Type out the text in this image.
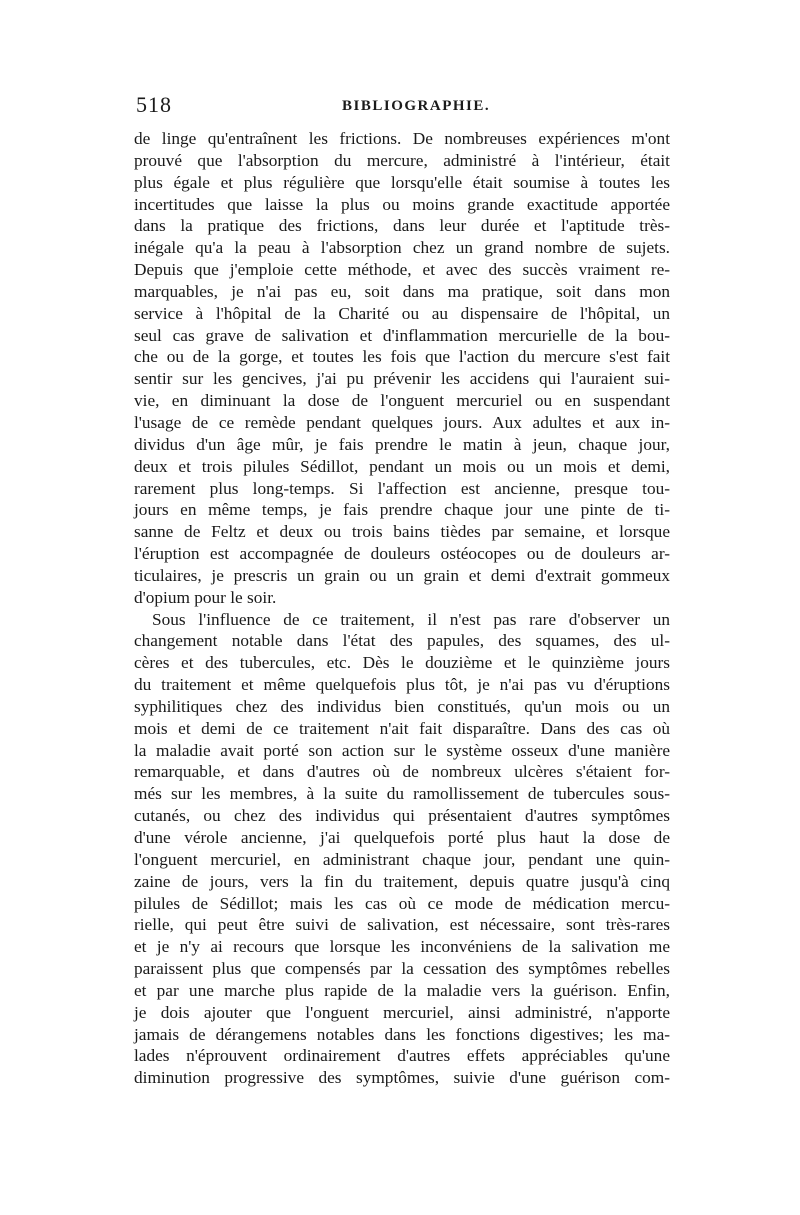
518	BIBLIOGRAPHIE.
de linge qu'entraînent les frictions. De nombreuses expériences m'ont
prouvé que l'absorption du mercure, administré à l'intérieur, était
plus égale et plus régulière que lorsqu'elle était soumise à toutes les
incertitudes que laisse la plus ou moins grande exactitude apportée
dans la pratique des frictions, dans leur durée et l'aptitude très-
inégale qu'a la peau à l'absorption chez un grand nombre de sujets.
Depuis que j'emploie cette méthode, et avec des succès vraiment re-
marquables, je n'ai pas eu, soit dans ma pratique, soit dans mon
service à l'hôpital de la Charité ou au dispensaire de l'hôpital, un
seul cas grave de salivation et d'inflammation mercurielle de la bou-
che ou de la gorge, et toutes les fois que l'action du mercure s'est fait
sentir sur les gencives, j'ai pu prévenir les accidens qui l'auraient sui-
vie, en diminuant la dose de l'onguent mercuriel ou en suspendant
l'usage de ce remède pendant quelques jours. Aux adultes et aux in-
dividus d'un âge mûr, je fais prendre le matin à jeun, chaque jour,
deux et trois pilules Sédillot, pendant un mois ou un mois et demi,
rarement plus long-temps. Si l'affection est ancienne, presque tou-
jours en même temps, je fais prendre chaque jour une pinte de ti-
sanne de Feltz et deux ou trois bains tièdes par semaine, et lorsque
l'éruption est accompagnée de douleurs ostéocopes ou de douleurs ar-
ticulaires, je prescris un grain ou un grain et demi d'extrait gommeux
d'opium pour le soir.
Sous l'influence de ce traitement, il n'est pas rare d'observer un
changement notable dans l'état des papules, des squames, des ul-
cères et des tubercules, etc. Dès le douzième et le quinzième jours
du traitement et même quelquefois plus tôt, je n'ai pas vu d'éruptions
syphilitiques chez des individus bien constitués, qu'un mois ou un
mois et demi de ce traitement n'ait fait disparaître. Dans des cas où
la maladie avait porté son action sur le système osseux d'une manière
remarquable, et dans d'autres où de nombreux ulcères s'étaient for-
més sur les membres, à la suite du ramollissement de tubercules sous-
cutanés, ou chez des individus qui présentaient d'autres symptômes
d'une vérole ancienne, j'ai quelquefois porté plus haut la dose de
l'onguent mercuriel, en administrant chaque jour, pendant une quin-
zaine de jours, vers la fin du traitement, depuis quatre jusqu'à cinq
pilules de Sédillot; mais les cas où ce mode de médication mercu-
rielle, qui peut être suivi de salivation, est nécessaire, sont très-rares
et je n'y ai recours que lorsque les inconvéniens de la salivation me
paraissent plus que compensés par la cessation des symptômes rebelles
et par une marche plus rapide de la maladie vers la guérison. Enfin,
je dois ajouter que l'onguent mercuriel, ainsi administré, n'apporte
jamais de dérangemens notables dans les fonctions digestives; les ma-
lades n'éprouvent ordinairement d'autres effets appréciables qu'une
diminution progressive des symptômes, suivie d'une guérison com-
